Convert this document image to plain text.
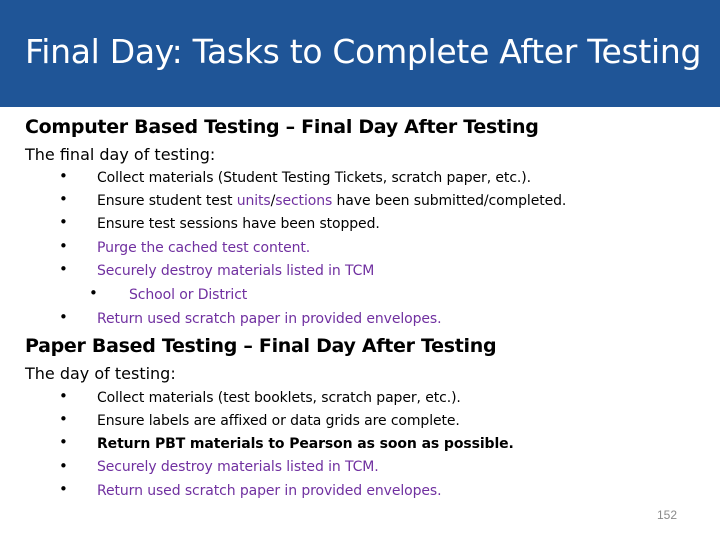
Final Day: Tasks to Complete After Testing
Computer Based Testing – Final Day After Testing
The final day of testing:
• Collect materials (Student Testing Tickets, scratch paper, etc.).
• Ensure student test units/sections have been submitted/completed.
• Ensure test sessions have been stopped.
• Purge the cached test content.
• Securely destroy materials listed in TCM
• School or District
• Return used scratch paper in provided envelopes.
Paper Based Testing – Final Day After Testing
The day of testing:
• Collect materials (test booklets, scratch paper, etc.).
• Ensure labels are affixed or data grids are complete.
• Return PBT materials to Pearson as soon as possible.
• Securely destroy materials listed in TCM.
• Return used scratch paper in provided envelopes.
152
